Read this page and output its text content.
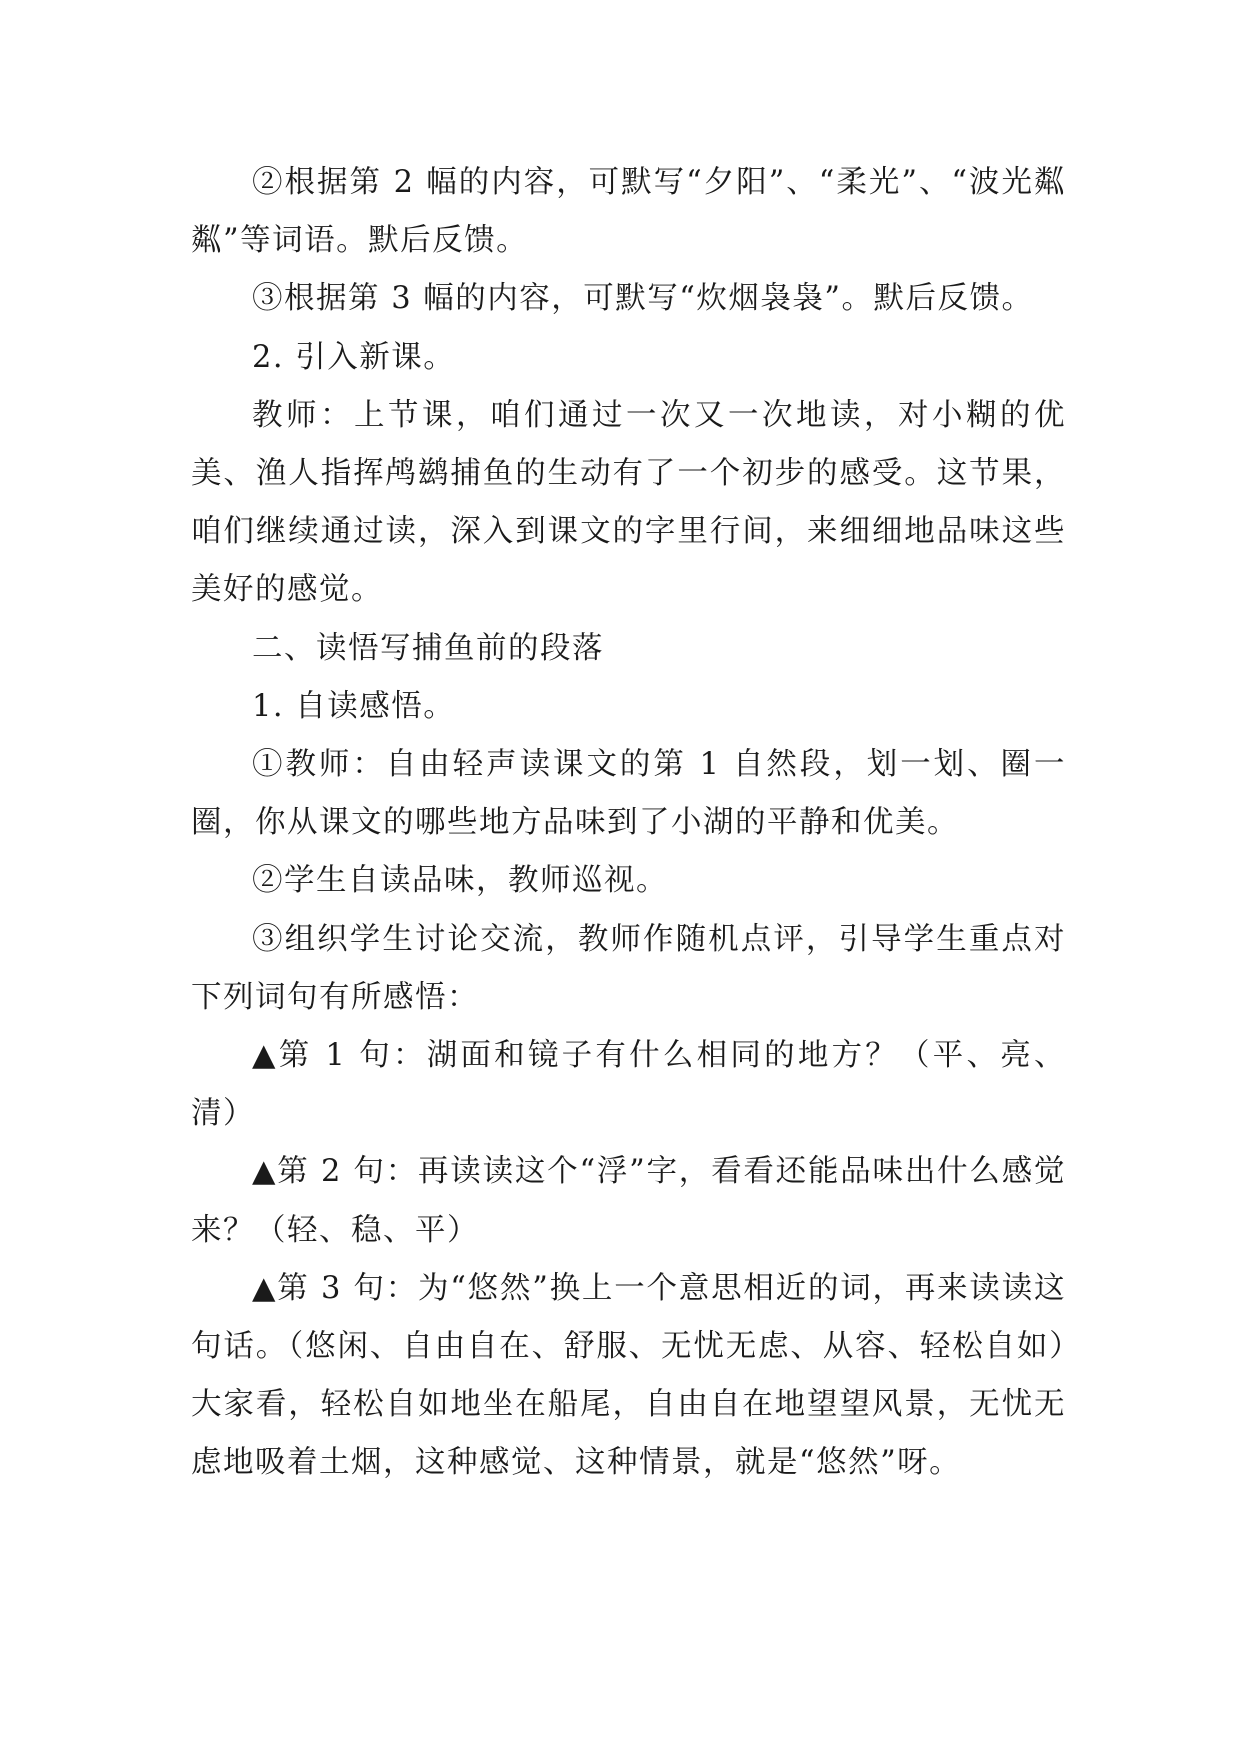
②根据第 2 幅的内容，可默写“夕阳”、“柔光”、“波光粼粼”等词语。默后反馈。

③根据第 3 幅的内容，可默写“炊烟袅袅”。默后反馈。

2. 引入新课。

教师：上节课，咱们通过一次又一次地读，对小糊的优美、渔人指挥鸬鹚捕鱼的生动有了一个初步的感受。这节果，咱们继续通过读，深入到课文的字里行间，来细细地品味这些美好的感觉。

二、读悟写捕鱼前的段落

1. 自读感悟。

①教师：自由轻声读课文的第 1 自然段，划一划、圈一圈，你从课文的哪些地方品味到了小湖的平静和优美。

②学生自读品味，教师巡视。

③组织学生讨论交流，教师作随机点评，引导学生重点对下列词句有所感悟：

▲第 1 句：湖面和镜子有什么相同的地方？（平、亮、清）

▲第 2 句：再读读这个“浮”字，看看还能品味出什么感觉来？（轻、稳、平）

▲第 3 句：为“悠然”换上一个意思相近的词，再来读读这句话。（悠闲、自由自在、舒服、无忧无虑、从容、轻松自如）大家看，轻松自如地坐在船尾，自由自在地望望风景，无忧无虑地吸着土烟，这种感觉、这种情景，就是“悠然”呀。
